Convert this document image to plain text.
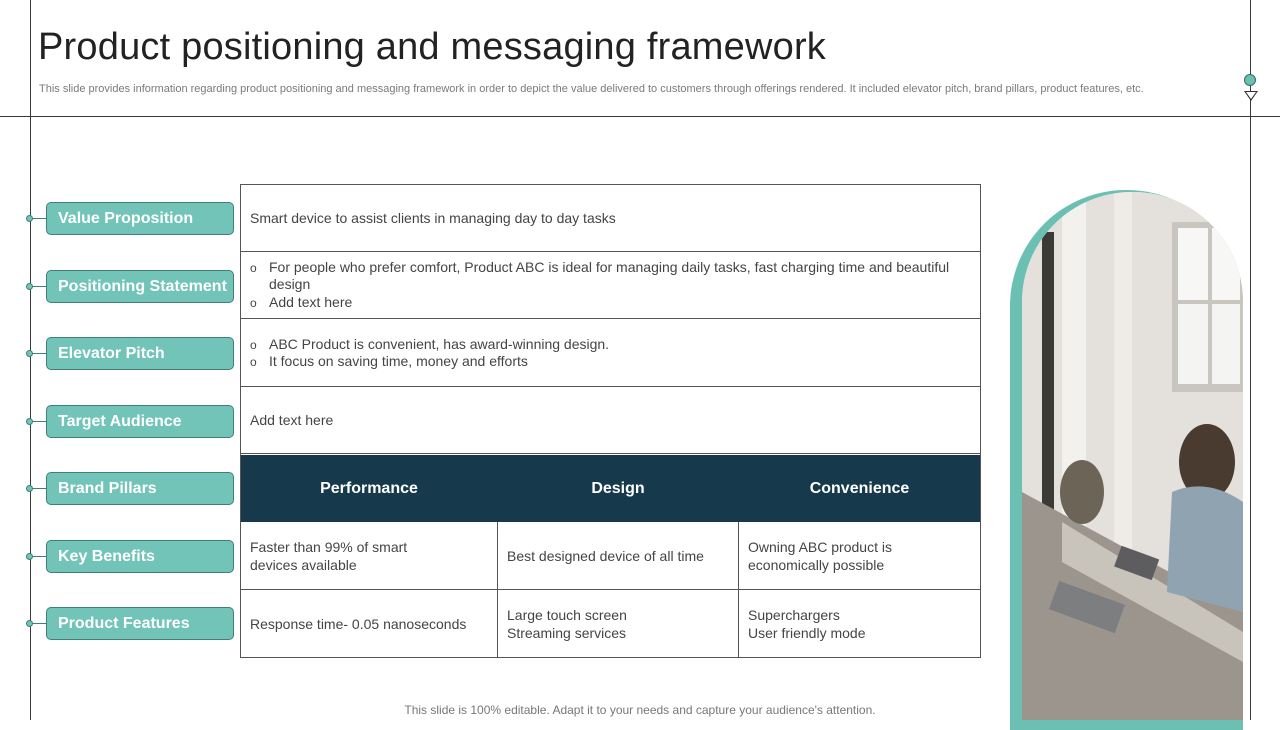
Product positioning and messaging framework

This slide provides information regarding product positioning and messaging framework in order to depict the value delivered to customers through offerings rendered. It included elevator pitch, brand pillars, product features, etc.

Value Proposition
Positioning Statement
Elevator Pitch
Target Audience
Brand Pillars
Key Benefits
Product Features
Smart device to assist clients in managing day to day tasks
o For people who prefer comfort, Product ABC is ideal for managing daily tasks, fast charging time and beautiful design
o Add text here
o ABC Product is convenient, has award-winning design.
o It focus on saving time, money and efforts
Add text here
Performance	Design	Convenience
Faster than 99% of smart
devices available
Best designed device of all time
Owning ABC product is
economically possible
Response time- 0.05 nanoseconds
Large touch screen
Streaming services
Superchargers
User friendly mode
This slide is 100% editable. Adapt it to your needs and capture your audience's attention.
